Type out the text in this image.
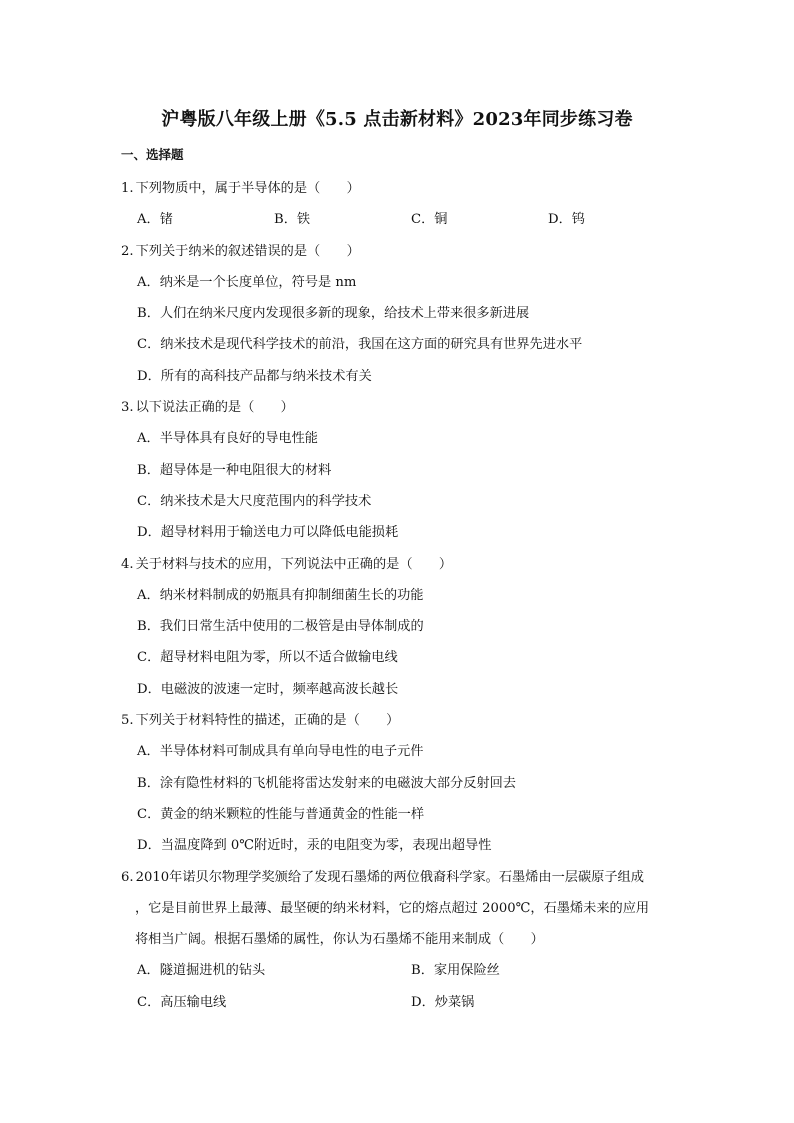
沪粤版八年级上册《5.5 点击新材料》2023年同步练习卷
一、选择题
1. 下列物质中，属于半导体的是（　　）
A．锗	B．铁	C．铜	D．钨
2. 下列关于纳米的叙述错误的是（　　）
A．纳米是一个长度单位，符号是 nm
B．人们在纳米尺度内发现很多新的现象，给技术上带来很多新进展
C．纳米技术是现代科学技术的前沿，我国在这方面的研究具有世界先进水平
D．所有的高科技产品都与纳米技术有关
3. 以下说法正确的是（　　）
A．半导体具有良好的导电性能
B．超导体是一种电阻很大的材料
C．纳米技术是大尺度范围内的科学技术
D．超导材料用于输送电力可以降低电能损耗
4. 关于材料与技术的应用，下列说法中正确的是（　　）
A．纳米材料制成的奶瓶具有抑制细菌生长的功能
B．我们日常生活中使用的二极管是由导体制成的
C．超导材料电阻为零，所以不适合做输电线
D．电磁波的波速一定时，频率越高波长越长
5. 下列关于材料特性的描述，正确的是（　　）
A．半导体材料可制成具有单向导电性的电子元件
B．涂有隐性材料的飞机能将雷达发射来的电磁波大部分反射回去
C．黄金的纳米颗粒的性能与普通黄金的性能一样
D．当温度降到 0℃附近时，汞的电阻变为零，表现出超导性
6. 2010年诺贝尔物理学奖颁给了发现石墨烯的两位俄裔科学家。石墨烯由一层碳原子组成
，它是目前世界上最薄、最坚硬的纳米材料，它的熔点超过 2000℃，石墨烯未来的应用
将相当广阔。根据石墨烯的属性，你认为石墨烯不能用来制成（　　）
A．隧道掘进机的钻头	B．家用保险丝
C．高压输电线	D．炒菜锅
